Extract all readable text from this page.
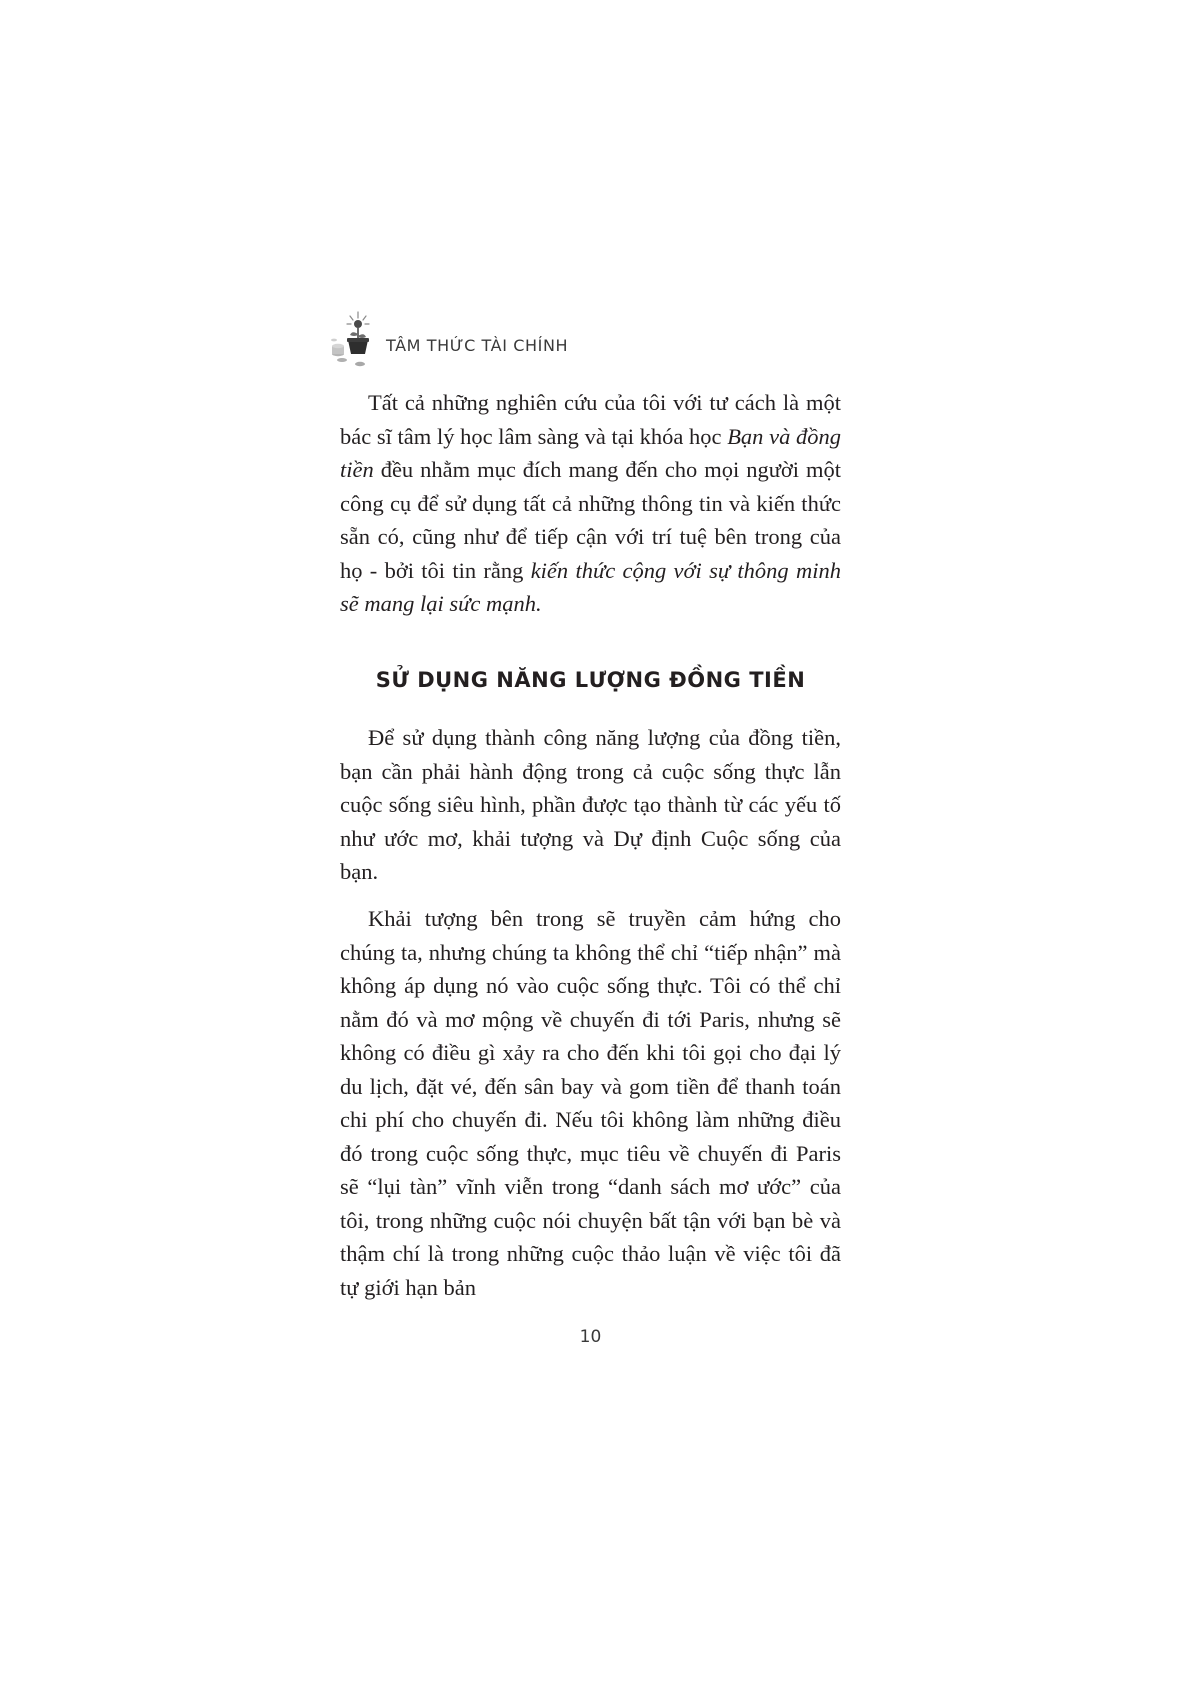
TÂM THỨC TÀI CHÍNH

Tất cả những nghiên cứu của tôi với tư cách là một bác sĩ tâm lý học lâm sàng và tại khóa học Bạn và đồng tiền đều nhằm mục đích mang đến cho mọi người một công cụ để sử dụng tất cả những thông tin và kiến thức sẵn có, cũng như để tiếp cận với trí tuệ bên trong của họ - bởi tôi tin rằng kiến thức cộng với sự thông minh sẽ mang lại sức mạnh.

SỬ DỤNG NĂNG LƯỢNG ĐỒNG TIỀN

Để sử dụng thành công năng lượng của đồng tiền, bạn cần phải hành động trong cả cuộc sống thực lẫn cuộc sống siêu hình, phần được tạo thành từ các yếu tố như ước mơ, khải tượng và Dự định Cuộc sống của bạn.

Khải tượng bên trong sẽ truyền cảm hứng cho chúng ta, nhưng chúng ta không thể chỉ “tiếp nhận” mà không áp dụng nó vào cuộc sống thực. Tôi có thể chỉ nằm đó và mơ mộng về chuyến đi tới Paris, nhưng sẽ không có điều gì xảy ra cho đến khi tôi gọi cho đại lý du lịch, đặt vé, đến sân bay và gom tiền để thanh toán chi phí cho chuyến đi. Nếu tôi không làm những điều đó trong cuộc sống thực, mục tiêu về chuyến đi Paris sẽ “lụi tàn” vĩnh viễn trong “danh sách mơ ước” của tôi, trong những cuộc nói chuyện bất tận với bạn bè và thậm chí là trong những cuộc thảo luận về việc tôi đã tự giới hạn bản

10
